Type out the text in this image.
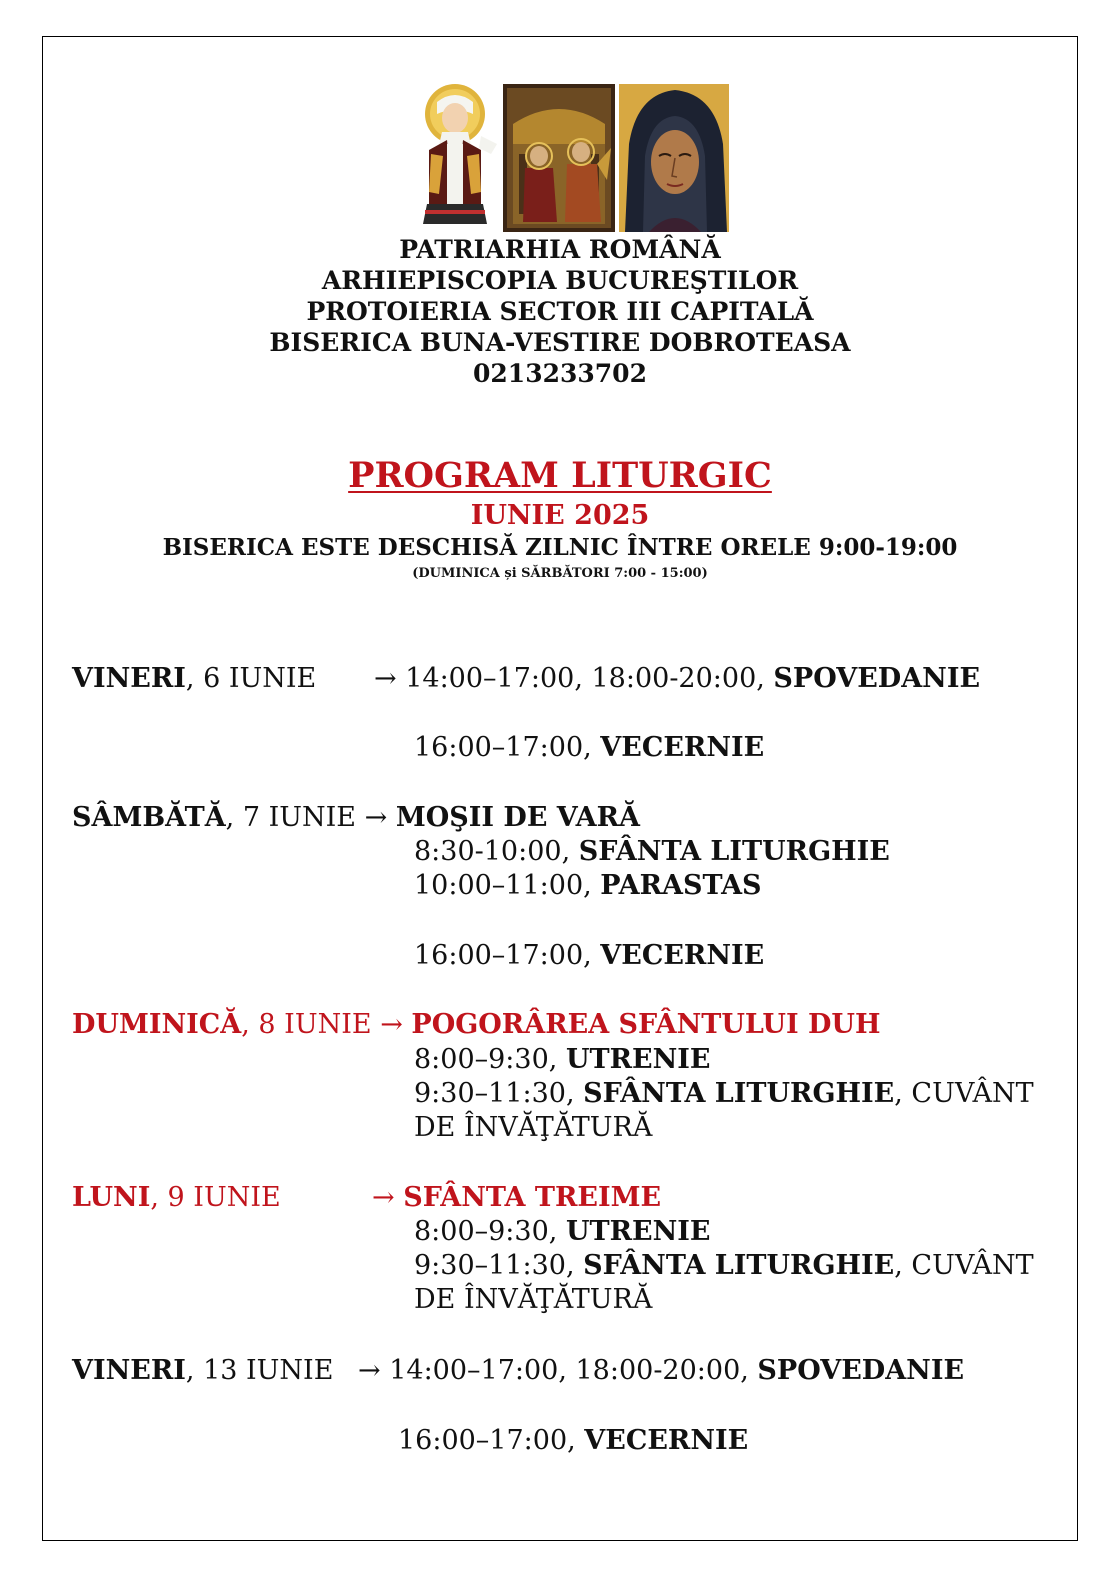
PATRIARHIA ROMÂNĂ
ARHIEPISCOPIA BUCUREŞTILOR
PROTOIERIA SECTOR III CAPITALĂ
BISERICA BUNA-VESTIRE DOBROTEASA
0213233702
PROGRAM LITURGIC
IUNIE 2025
BISERICA ESTE DESCHISĂ ZILNIC ÎNTRE ORELE 9:00-19:00
(DUMINICA și SĂRBĂTORI 7:00 - 15:00)
VINERI, 6 IUNIE → 14:00–17:00, 18:00-20:00, SPOVEDANIE
16:00–17:00, VECERNIE
SÂMBĂTĂ, 7 IUNIE → MOŞII DE VARĂ
8:30-10:00, SFÂNTA LITURGHIE
10:00–11:00, PARASTAS
16:00–17:00, VECERNIE
DUMINICĂ, 8 IUNIE → POGORÂREA SFÂNTULUI DUH
8:00–9:30, UTRENIE
9:30–11:30, SFÂNTA LITURGHIE, CUVÂNT
DE ÎNVĂŢĂTURĂ
LUNI, 9 IUNIE	→ SFÂNTA TREIME
8:00–9:30, UTRENIE
9:30–11:30, SFÂNTA LITURGHIE, CUVÂNT
DE ÎNVĂŢĂTURĂ
VINERI, 13 IUNIE → 14:00–17:00, 18:00-20:00, SPOVEDANIE
16:00–17:00, VECERNIE
